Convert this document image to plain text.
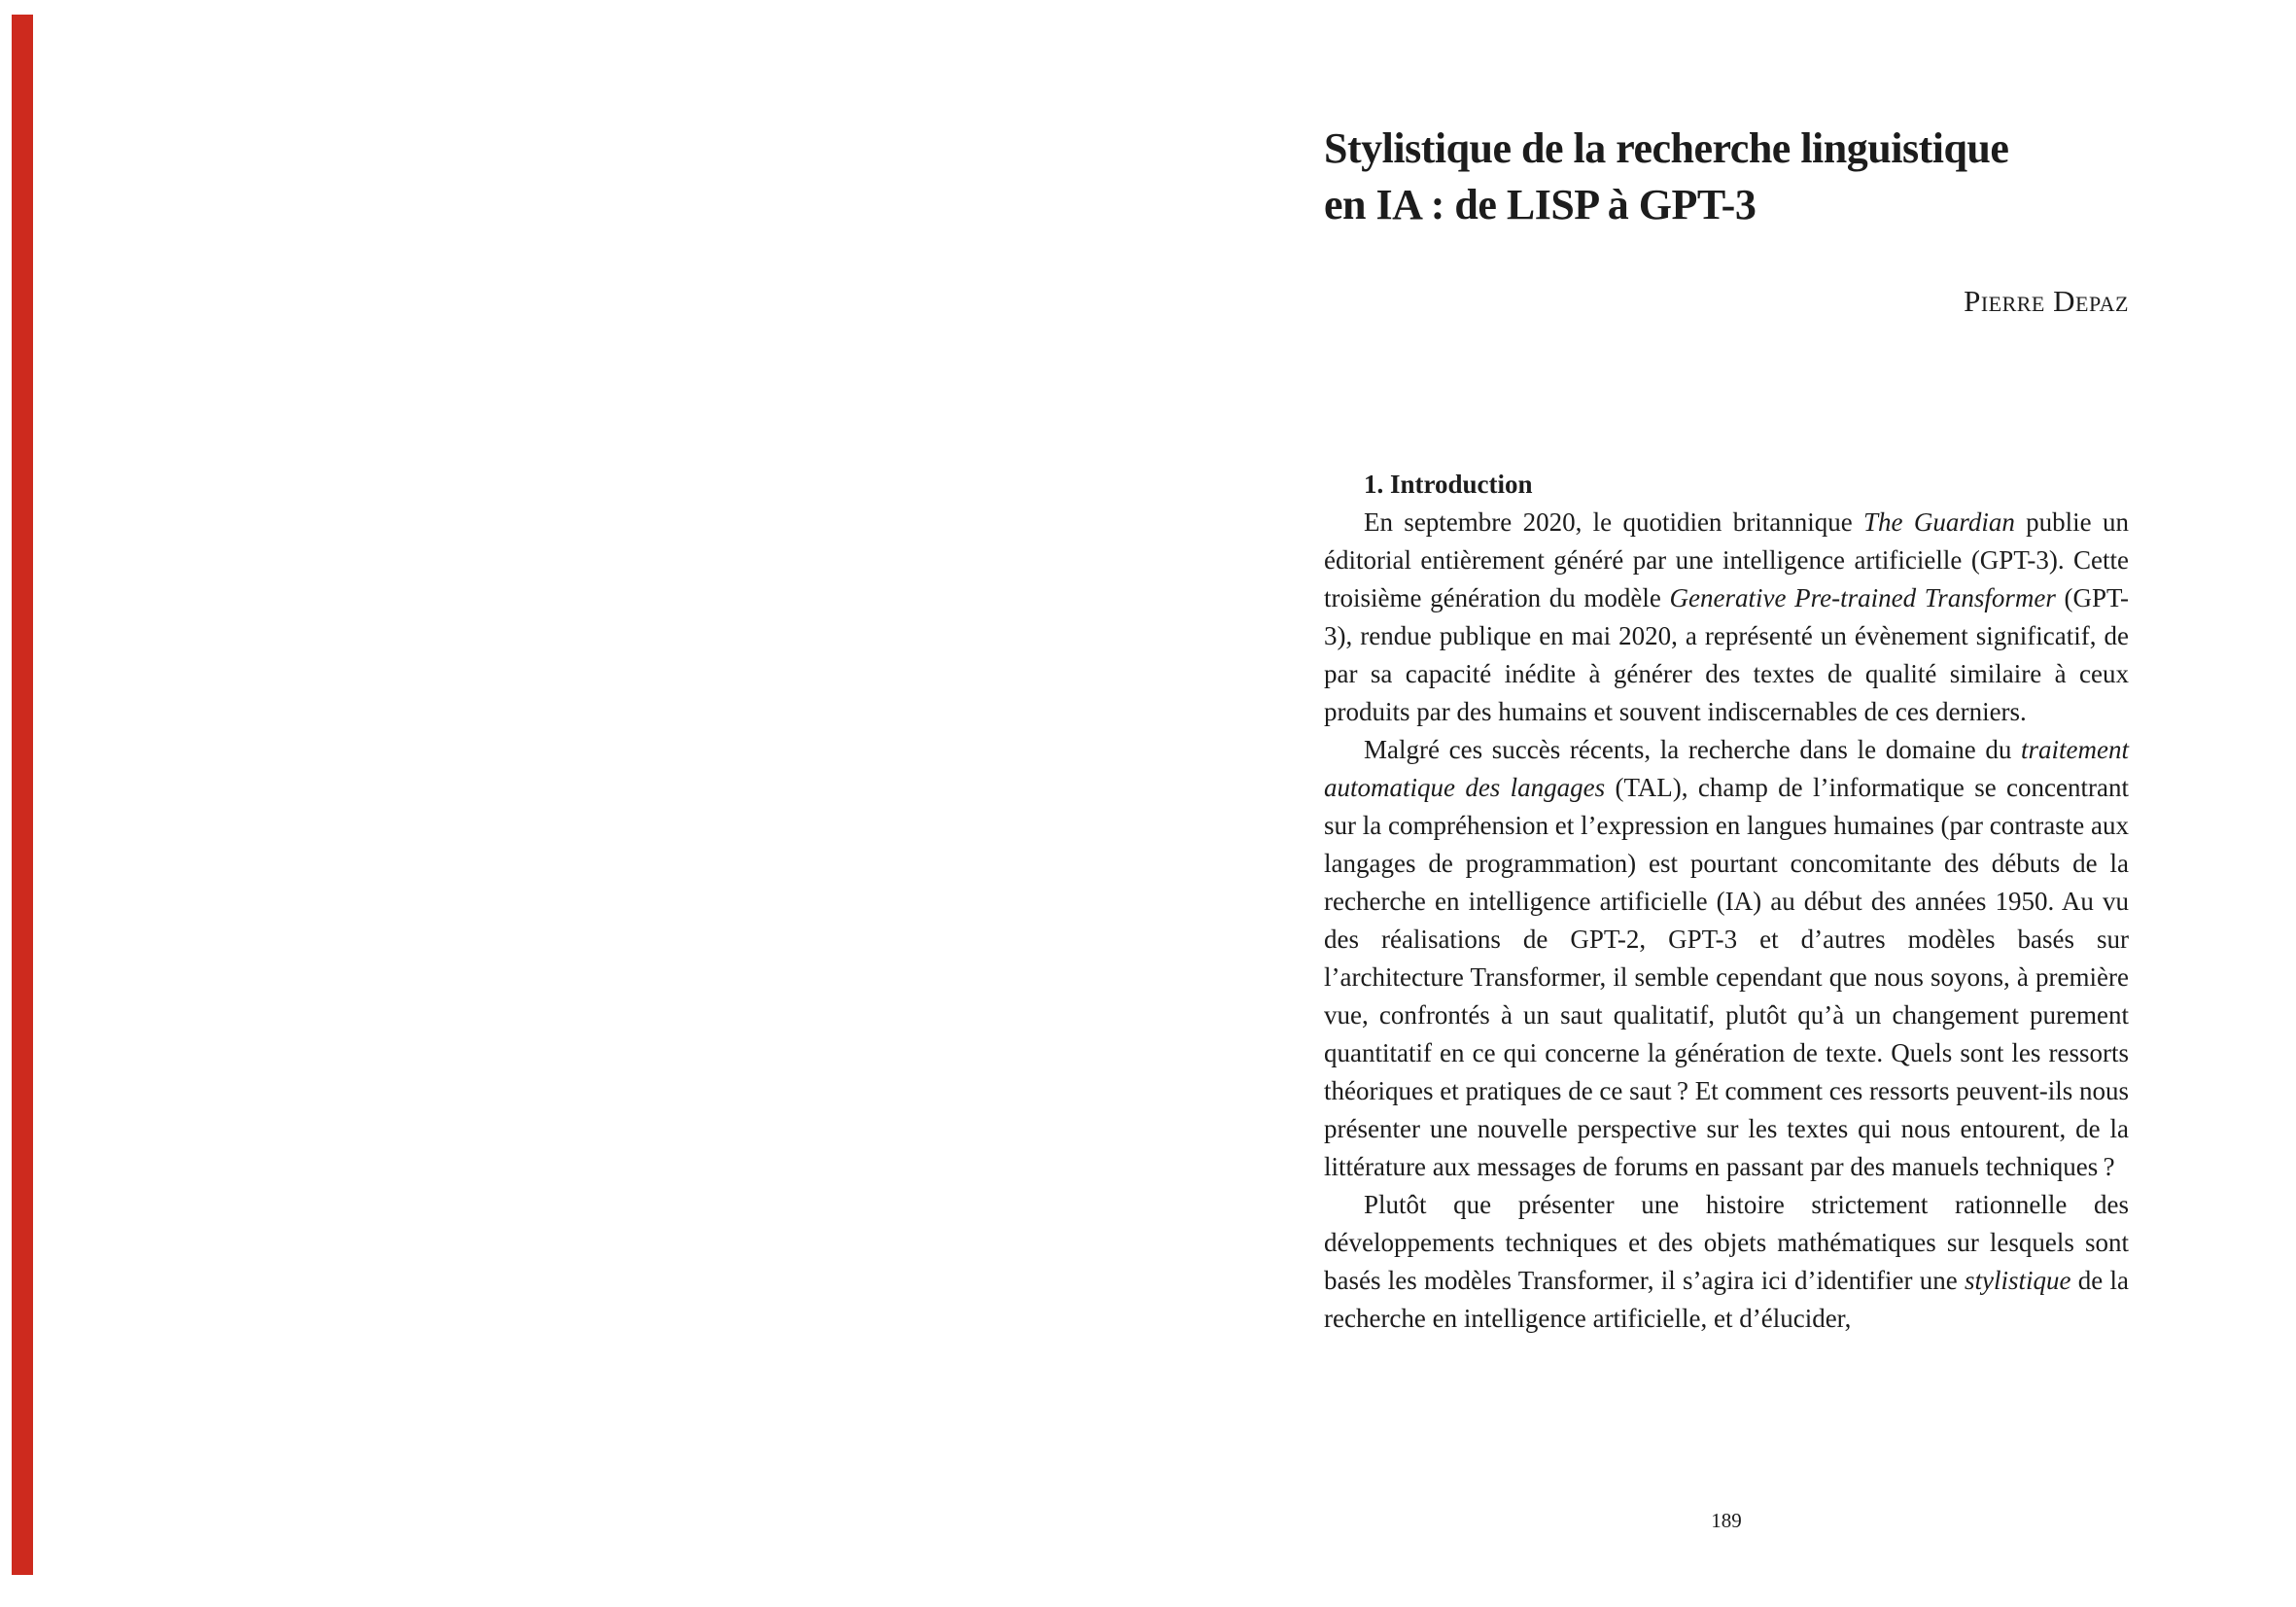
Stylistique de la recherche linguistique
en IA : de LISP à GPT-3
Pierre Depaz
1. Introduction

En septembre 2020, le quotidien britannique The Guardian publie un éditorial entièrement généré par une intelligence artificielle (GPT-3). Cette troisième génération du modèle Generative Pre-trained Transformer (GPT-3), rendue publique en mai 2020, a représenté un évènement significatif, de par sa capacité inédite à générer des textes de qualité similaire à ceux produits par des humains et souvent indiscernables de ces derniers.

Malgré ces succès récents, la recherche dans le domaine du traitement automatique des langages (TAL), champ de l’informatique se concentrant sur la compréhension et l’expression en langues humaines (par contraste aux langages de programmation) est pourtant concomitante des débuts de la recherche en intelligence artificielle (IA) au début des années 1950. Au vu des réalisations de GPT-2, GPT-3 et d’autres modèles basés sur l’architecture Transformer, il semble cependant que nous soyons, à première vue, confrontés à un saut qualitatif, plutôt qu’à un changement purement quantitatif en ce qui concerne la génération de texte. Quels sont les ressorts théoriques et pratiques de ce saut ? Et comment ces ressorts peuvent-ils nous présenter une nouvelle perspective sur les textes qui nous entourent, de la littérature aux messages de forums en passant par des manuels techniques ?

Plutôt que présenter une histoire strictement rationnelle des développements techniques et des objets mathématiques sur lesquels sont basés les modèles Transformer, il s’agira ici d’identifier une stylistique de la recherche en intelligence artificielle, et d’élucider,

189
